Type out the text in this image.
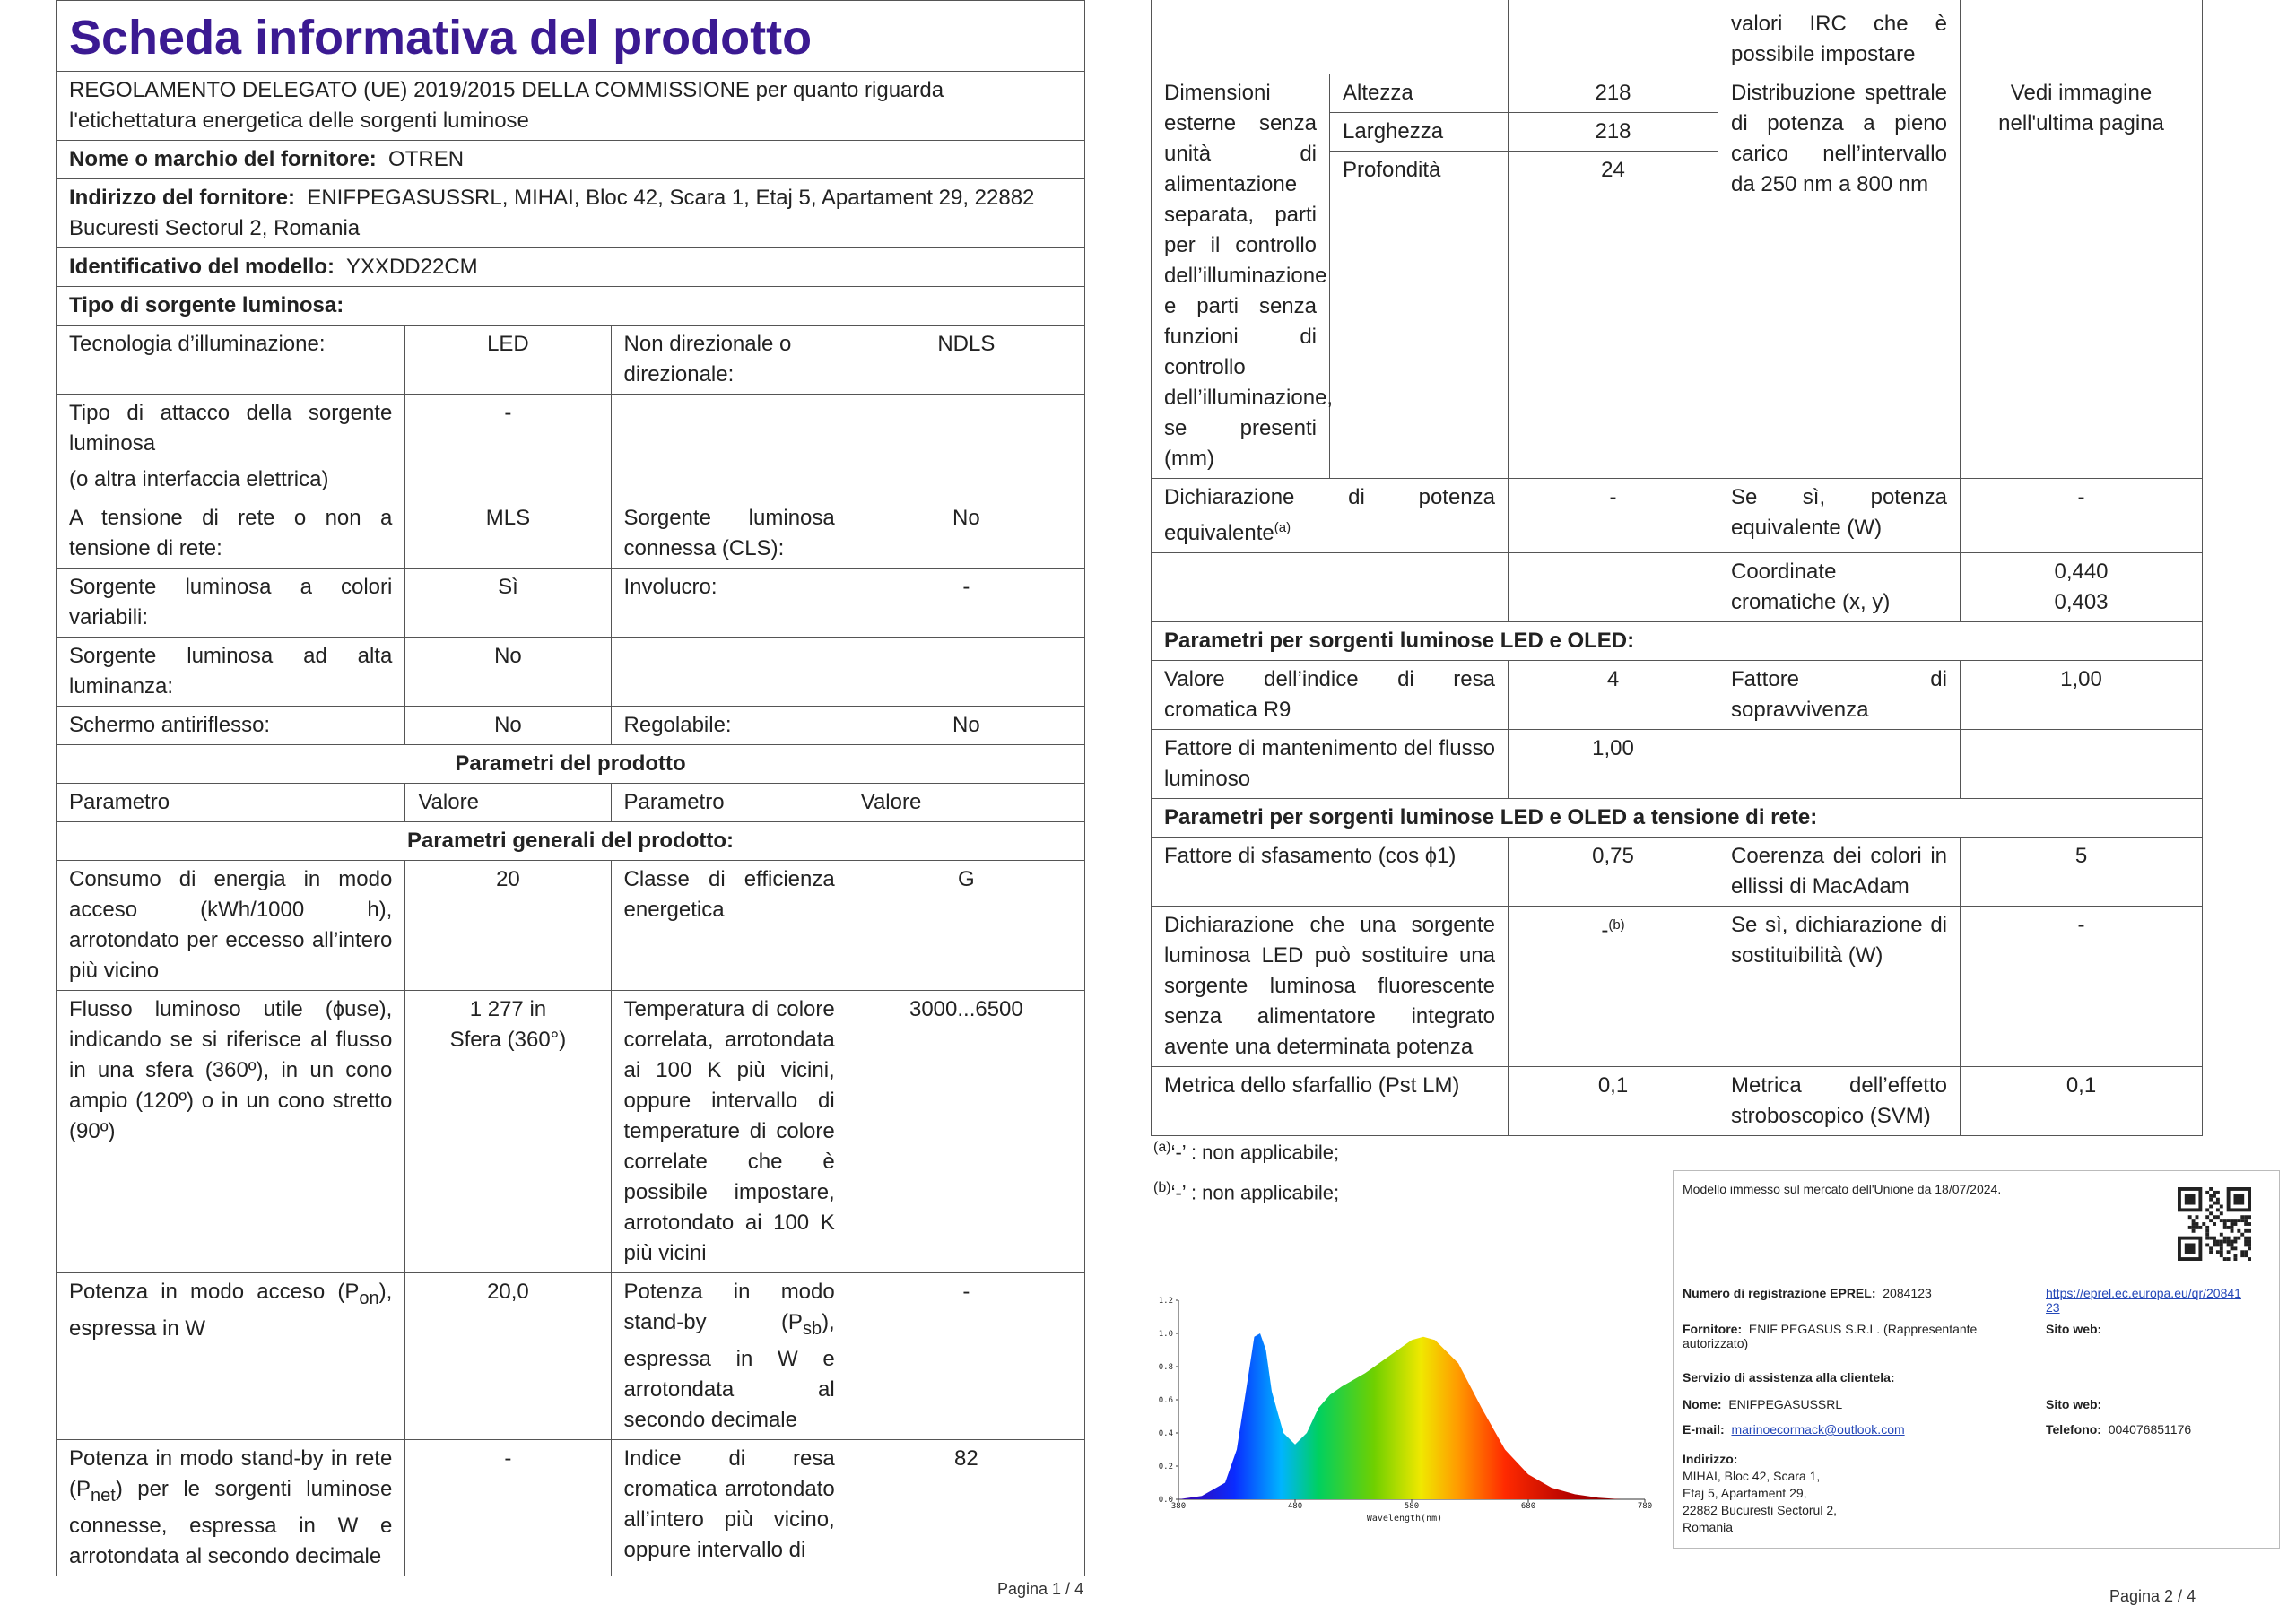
Scheda informativa del prodotto			
REGOLAMENTO DELEGATO (UE) 2019/2015 DELLA COMMISSIONE per quanto riguarda l'etichettatura energetica delle sorgenti luminose			
Nome o marchio del fornitore: OTREN			
Indirizzo del fornitore: ENIFPEGASUSSRL, MIHAI, Bloc 42, Scara 1, Etaj 5, Apartament 29, 22882 Bucuresti Sectorul 2, Romania			
Identificativo del modello: YXXDD22CM			
Tipo di sorgente luminosa:			
Tecnologia d’illuminazione:	LED	Non direzionale o direzionale:	NDLS

Tipo di attacco della sorgente luminosa
(o altra interfaccia elettrica)	-		
A tensione di rete o non a tensione di rete:	MLS	Sorgente luminosa connessa (CLS):	No
Sorgente luminosa a colori variabili:	Sì	Involucro:	-
Sorgente luminosa ad alta luminanza:	No		
Schermo antiriflesso:	No	Regolabile:	No
Parametri del prodotto			
Parametro	Valore	Parametro	Valore
Parametri generali del prodotto:			
Consumo di energia in modo acceso (kWh/1000 h), arrotondato per eccesso all’intero più vicino	20	Classe di efficienza energetica	G
Flusso luminoso utile (ɸuse), indicando se si riferisce al flusso in una sfera (360º), in un cono ampio (120º) o in un cono stretto (90º)	1 277 in Sfera (360°)	Temperatura di colore correlata, arrotondata ai 100 K più vicini, oppure intervallo di temperature di colore correlate che è possibile impostare, arrotondato ai 100 K più vicini	3000...6500
Potenza in modo acceso $(P_{on})$, espressa in W	20,0	Potenza in modo stand-by $(P_{sb})$, espressa in W e arrotondata al secondo decimale	-
Potenza in modo stand-by in rete $(P_{net})$ per le sorgenti luminose connesse, espressa in W e arrotondata al secondo decimale	-	Indice di resa cromatica arrotondato all’intero più vicino, oppure intervallo di	82
Pagina 1 / 4
			valori IRC che è possibile impostare	
Dimensioni esterne senza unità di alimentazione separata, parti per il controllo dell’illuminazione e parti senza funzioni di controllo dell’illuminazione, se presenti (mm)	Altezza	218	Distribuzione spettrale di potenza a pieno carico nell’intervallo da 250 nm a 800 nm	Vedi immagine nell'ultima pagina
	Larghezza	218		
	Profondità	24		
Dichiarazione di potenza equivalente$^{(a)}$		-	Se sì, potenza equivalente (W)	-
			Coordinate cromatiche (x, y)	0,440
0,403

Parametri per sorgenti luminose LED e OLED:				
Valore dell’indice di resa cromatica R9		4	Fattore di sopravvivenza	1,00
Fattore di mantenimento del flusso luminoso		1,00		
Parametri per sorgenti luminose LED e OLED a tensione di rete:				
Fattore di sfasamento (cos ɸ1)		0,75	Coerenza dei colori in ellissi di MacAdam	5
Dichiarazione che una sorgente luminosa LED può sostituire una sorgente luminosa fluorescente senza alimentatore integrato avente una determinata potenza		-$^{(b)}$	Se sì, dichiarazione di sostituibilità (W)	-
Metrica dello sfarfallio (Pst LM)		0,1	Metrica dell’effetto stroboscopico (SVM)	0,1
$^{(a)}$‘-’ : non applicabile;
$^{(b)}$‘-’ : non applicabile;
380	480	580	680	780
0.0
0.2
0.4
0.6
0.8
1.0
1.2
Wavelength(nm)
Modello immesso sul mercato dell'Unione da 18/07/2024.
Numero di registrazione EPREL: 2084123	https://eprel.ec.europa.eu/qr/2084123
Fornitore: ENIF PEGASUS S.R.L. (Rappresentante autorizzato)
Sito web:
Servizio di assistenza alla clientela:
Nome: ENIFPEGASUSSRL	Sito web:
E-mail: marinoecormack@outlook.com	Telefono: 004076851176
Indirizzo:
MIHAI, Bloc 42, Scara 1,
Etaj 5, Apartament 29,
22882 Bucuresti Sectorul 2,
Romania
Pagina 2 / 4
